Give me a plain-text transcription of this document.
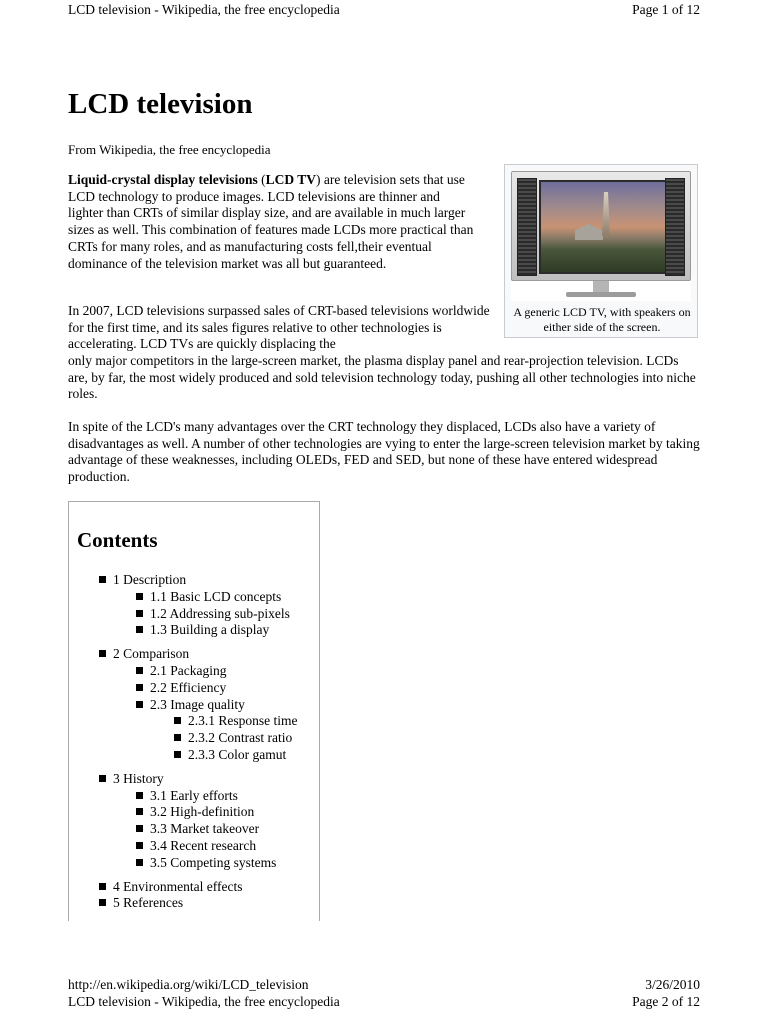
LCD television - Wikipedia, the free encyclopedia	Page 1 of 12
LCD television
From Wikipedia, the free encyclopedia
A generic LCD TV, with speakers on either side of the screen.

Liquid-crystal display televisions (LCD TV) are television sets that use LCD technology to produce images. LCD televisions are thinner and lighter than CRTs of similar display size, and are available in much larger sizes as well. This combination of features made LCDs more practical than CRTs for many roles, and as manufacturing costs fell,their eventual dominance of the television market was all but guaranteed.

In 2007, LCD televisions surpassed sales of CRT-based televisions worldwide for the first time, and its sales figures relative to other technologies is accelerating. LCD TVs are quickly displacing the

only major competitors in the large-screen market, the plasma display panel and rear-projection television. LCDs are, by far, the most widely produced and sold television technology today, pushing all other technologies into niche roles.

In spite of the LCD's many advantages over the CRT technology they displaced, LCDs also have a variety of disadvantages as well. A number of other technologies are vying to enter the large-screen television market by taking advantage of these weaknesses, including OLEDs, FED and SED, but none of these have entered widespread production.

Contents
1 Description
1.1 Basic LCD concepts
1.2 Addressing sub-pixels
1.3 Building a display
2 Comparison
2.1 Packaging
2.2 Efficiency
2.3 Image quality
2.3.1 Response time
2.3.2 Contrast ratio
2.3.3 Color gamut
3 History
3.1 Early efforts
3.2 High-definition
3.3 Market takeover
3.4 Recent research
3.5 Competing systems
4 Environmental effects
5 References
http://en.wikipedia.org/wiki/LCD_television	3/26/2010
LCD television - Wikipedia, the free encyclopedia	Page 2 of 12
